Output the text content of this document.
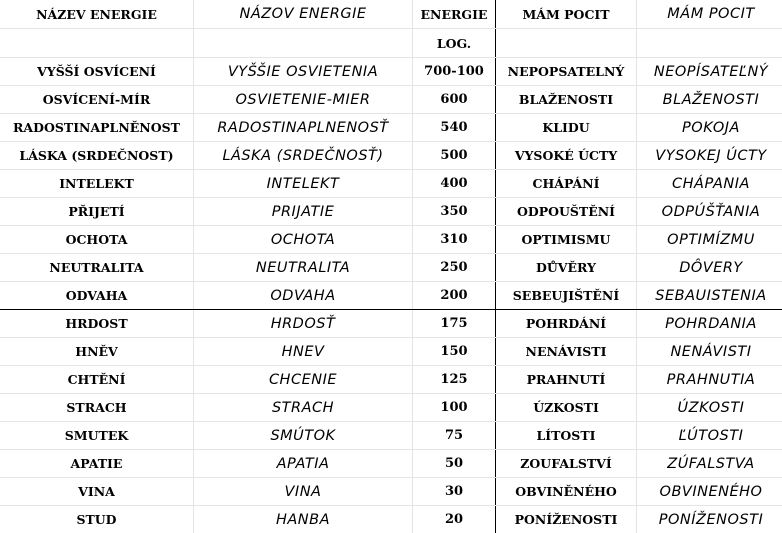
NÁZEV ENERGIE	NÁZOV ENERGIE	ENERGIE	MÁM POCIT	MÁM POCIT
		LOG.		
VYŠŠÍ OSVÍCENÍ	VYŠŠIE OSVIETENIA	700-100	NEPOPSATELNÝ	NEOPÍSATEĽNÝ
OSVÍCENÍ-MÍR	OSVIETENIE-MIER	600	BLAŽENOSTI	BLAŽENOSTI
RADOSTINAPLNĚNOST	RADOSTINAPLNENOSŤ	540	KLIDU	POKOJA
LÁSKA (SRDEČNOST)	LÁSKA (SRDEČNOSŤ)	500	VYSOKÉ ÚCTY	VYSOKEJ ÚCTY
INTELEKT	INTELEKT	400	CHÁPÁNÍ	CHÁPANIA
PŘIJETÍ	PRIJATIE	350	ODPOUŠTĚNÍ	ODPÚŠŤANIA
OCHOTA	OCHOTA	310	OPTIMISMU	OPTIMÍZMU
NEUTRALITA	NEUTRALITA	250	DŮVĚRY	DÔVERY
ODVAHA	ODVAHA	200	SEBEUJIŠTĚNÍ	SEBAUISTENIA
HRDOST	HRDOSŤ	175	POHRDÁNÍ	POHRDANIA
HNĚV	HNEV	150	NENÁVISTI	NENÁVISTI
CHTĚNÍ	CHCENIE	125	PRAHNUTÍ	PRAHNUTIA
STRACH	STRACH	100	ÚZKOSTI	ÚZKOSTI
SMUTEK	SMÚTOK	75	LÍTOSTI	ĽÚTOSTI
APATIE	APATIA	50	ZOUFALSTVÍ	ZÚFALSTVA
VINA	VINA	30	OBVINĚNÉHO	OBVINENÉHO
STUD	HANBA	20	PONÍŽENOSTI	PONÍŽENOSTI
